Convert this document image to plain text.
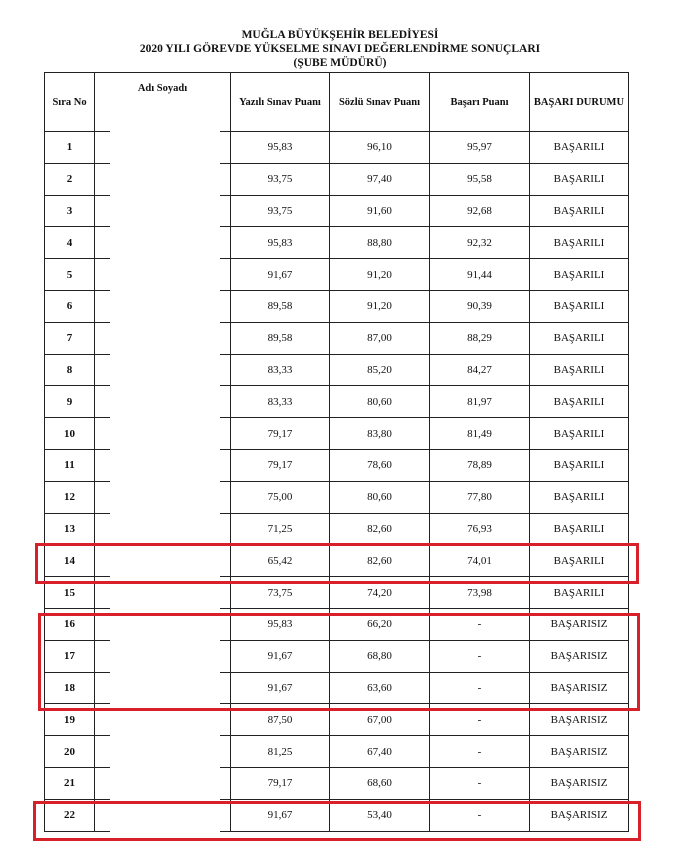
MUĞLA BÜYÜKŞEHİR BELEDİYESİ
2020 YILI GÖREVDE YÜKSELME SINAVI DEĞERLENDİRME SONUÇLARI
(ŞUBE MÜDÜRÜ)
Sıra No	Adı Soyadı	Yazılı Sınav Puanı	Sözlü Sınav Puanı	Başarı Puanı	BAŞARI DURUMU
1		95,83	96,10	95,97	BAŞARILI
2		93,75	97,40	95,58	BAŞARILI
3		93,75	91,60	92,68	BAŞARILI
4		95,83	88,80	92,32	BAŞARILI
5		91,67	91,20	91,44	BAŞARILI
6		89,58	91,20	90,39	BAŞARILI
7		89,58	87,00	88,29	BAŞARILI
8		83,33	85,20	84,27	BAŞARILI
9		83,33	80,60	81,97	BAŞARILI
10		79,17	83,80	81,49	BAŞARILI
11		79,17	78,60	78,89	BAŞARILI
12		75,00	80,60	77,80	BAŞARILI
13		71,25	82,60	76,93	BAŞARILI
14		65,42	82,60	74,01	BAŞARILI
15		73,75	74,20	73,98	BAŞARILI
16		95,83	66,20	-	BAŞARISIZ
17		91,67	68,80	-	BAŞARISIZ
18		91,67	63,60	-	BAŞARISIZ
19		87,50	67,00	-	BAŞARISIZ
20		81,25	67,40	-	BAŞARISIZ
21		79,17	68,60	-	BAŞARISIZ
22		91,67	53,40	-	BAŞARISIZ
